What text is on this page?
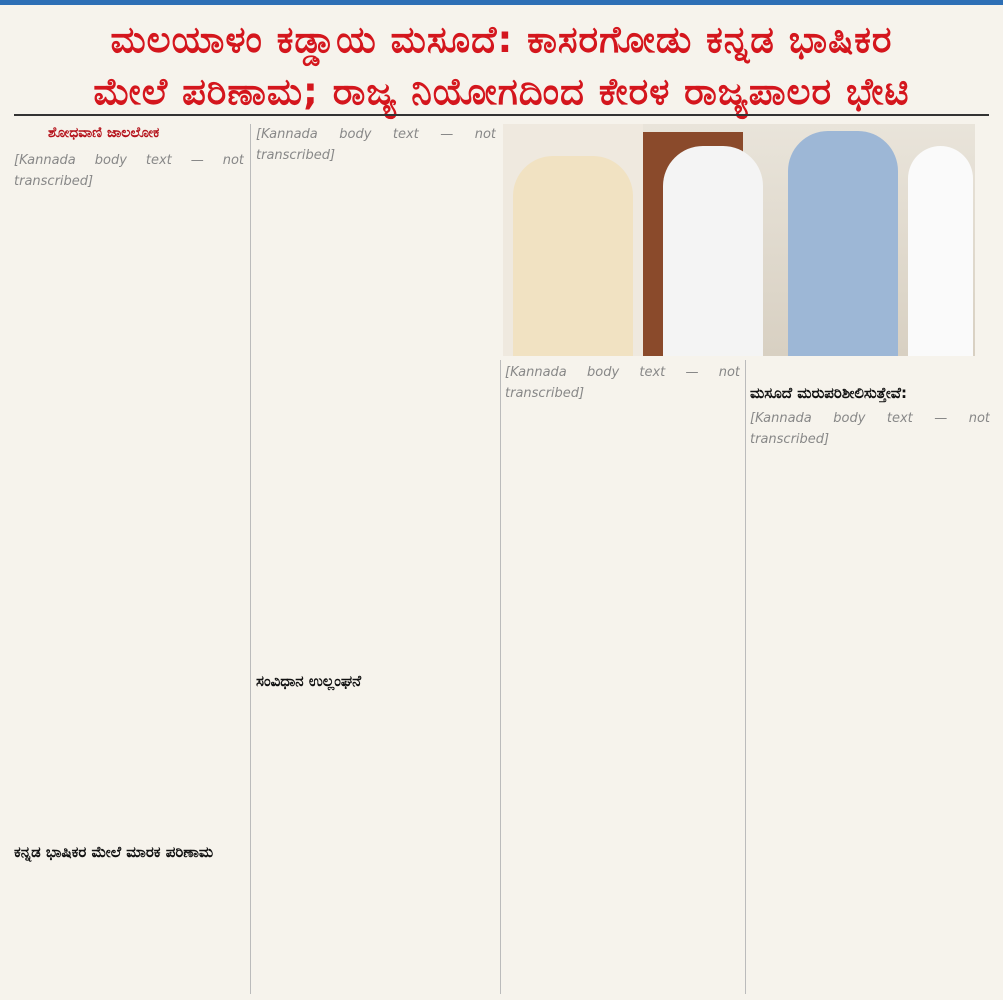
ಮಲಯಾಳಂ ಕಡ್ಡಾಯ ಮಸೂದೆ: ಕಾಸರಗೋಡು ಕನ್ನಡ ಭಾಷಿಕರ
ಮೇಲೆ ಪರಿಣಾಮ; ರಾಜ್ಯ ನಿಯೋಗದಿಂದ ಕೇರಳ ರಾಜ್ಯಪಾಲರ ಭೇಟಿ
ಶೋಧವಾಣಿ ಜಾಲಲೋಕ

[Kannada body text — not transcribed]

ಕನ್ನಡ ಭಾಷಿಕರ ಮೇಲೆ ಮಾರಕ ಪರಿಣಾಮ

[Kannada body text — not transcribed]

ಸಂವಿಧಾನ ಉಲ್ಲಂಘನೆ

[Kannada body text — not transcribed]	ಮಸೂದೆ ಮರುಪರಿಶೀಲಿಸುತ್ತೇವೆ:

[Kannada body text — not transcribed]
